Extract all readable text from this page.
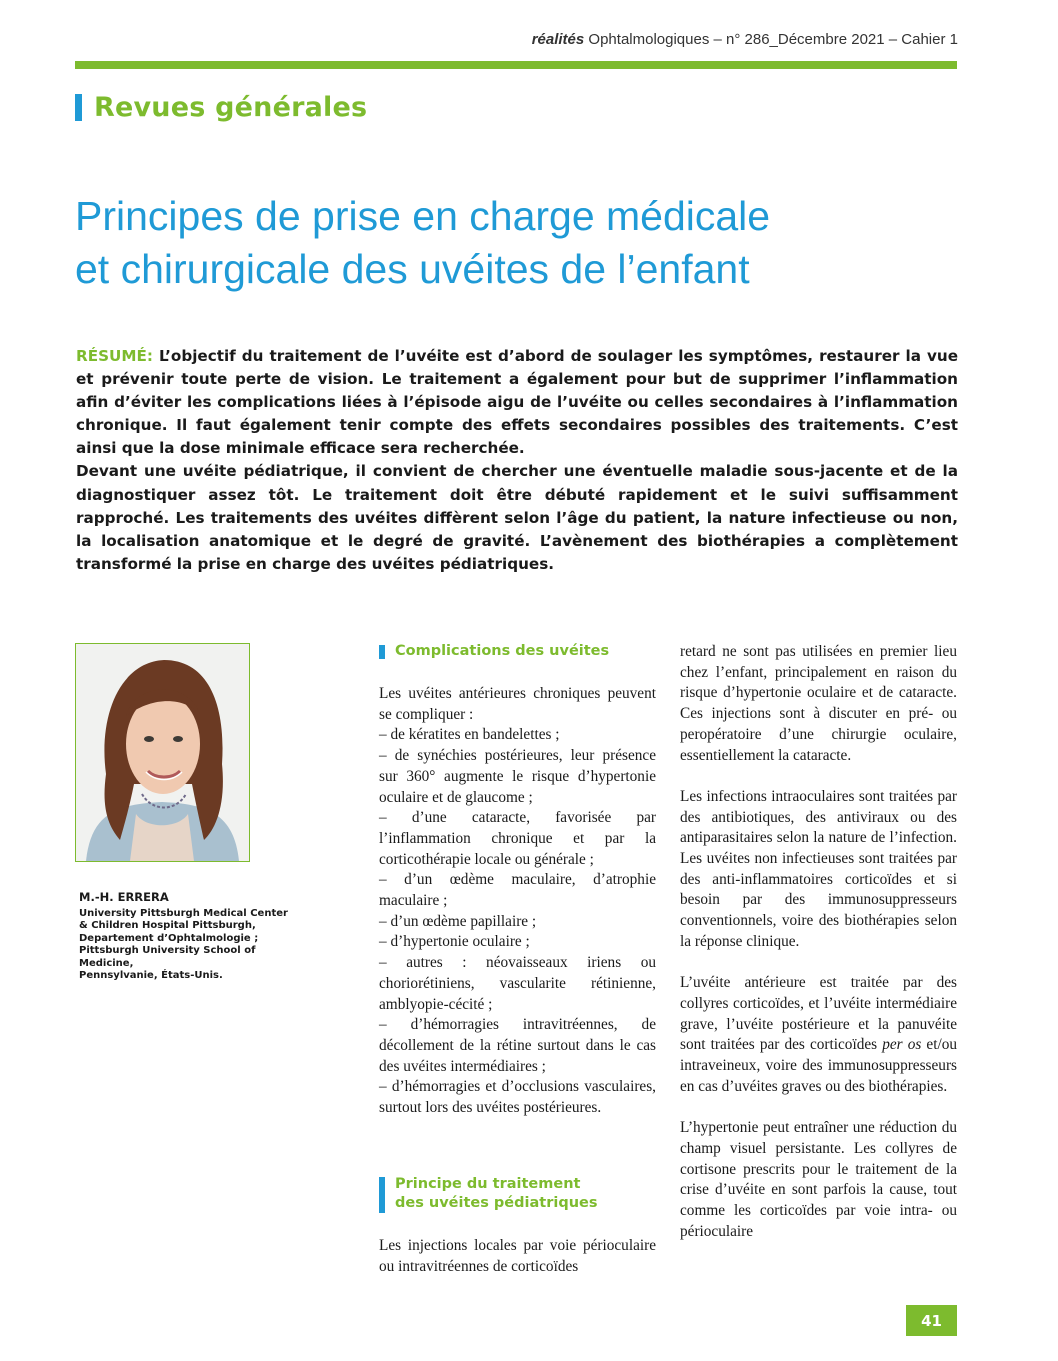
réalités Ophtalmologiques – n° 286_Décembre 2021 – Cahier 1
Revues générales
Principes de prise en charge médicale
et chirurgicale des uvéites de l’enfant

RÉSUMÉ: L’objectif du traitement de l’uvéite est d’abord de soulager les symptômes, restaurer la vue et prévenir toute perte de vision. Le traitement a également pour but de supprimer l’inflammation afin d’éviter les complications liées à l’épisode aigu de l’uvéite ou celles secondaires à l’inflammation chronique. Il faut également tenir compte des effets secondaires possibles des traitements. C’est ainsi que la dose minimale efficace sera recherchée.

Devant une uvéite pédiatrique, il convient de chercher une éventuelle maladie sous-jacente et de la diagnostiquer assez tôt. Le traitement doit être débuté rapidement et le suivi suffisamment rapproché. Les traitements des uvéites diffèrent selon l’âge du patient, la nature infectieuse ou non, la localisation anatomique et le degré de gravité. L’avènement des biothérapies a complètement transformé la prise en charge des uvéites pédiatriques.

M.-H. ERRERA
University Pittsburgh Medical Center
& Children Hospital Pittsburgh,
Departement d’Ophtalmologie ;
Pittsburgh University School of Medicine,
Pennsylvanie, États-Unis.
Complications des uvéites

Les uvéites antérieures chroniques peuvent se compliquer :

– de kératites en bandelettes ;

– de synéchies postérieures, leur présence sur 360° augmente le risque d’hypertonie oculaire et de glaucome ;

– d’une cataracte, favorisée par l’inflammation chronique et par la corticothérapie locale ou générale ;

– d’un œdème maculaire, d’atrophie maculaire ;

– d’un œdème papillaire ;

– d’hypertonie oculaire ;

– autres : néovaisseaux iriens ou choriorétiniens, vascularite rétinienne, amblyopie-cécité ;

– d’hémorragies intravitréennes, de décollement de la rétine surtout dans le cas des uvéites intermédiaires ;

– d’hémorragies et d’occlusions vasculaires, surtout lors des uvéites postérieures.

Principe du traitement
des uvéites pédiatriques

Les injections locales par voie périoculaire ou intravitréennes de corticoïdes

retard ne sont pas utilisées en premier lieu chez l’enfant, principalement en raison du risque d’hypertonie oculaire et de cataracte. Ces injections sont à discuter en pré- ou peropératoire d’une chirurgie oculaire, essentiellement la cataracte.

Les infections intraoculaires sont traitées par des antibiotiques, des antiviraux ou des antiparasitaires selon la nature de l’infection. Les uvéites non infectieuses sont traitées par des anti-inflammatoires corticoïdes et si besoin par des immunosuppresseurs conventionnels, voire des biothérapies selon la réponse clinique.

L’uvéite antérieure est traitée par des collyres corticoïdes, et l’uvéite intermédiaire grave, l’uvéite postérieure et la panuvéite sont traitées par des corticoïdes per os et/ou intraveineux, voire des immunosuppresseurs en cas d’uvéites graves ou des biothérapies.

L’hypertonie peut entraîner une réduction du champ visuel persistante. Les collyres de cortisone prescrits pour le traitement de la crise d’uvéite en sont parfois la cause, tout comme les corticoïdes par voie intra- ou périoculaire

41
